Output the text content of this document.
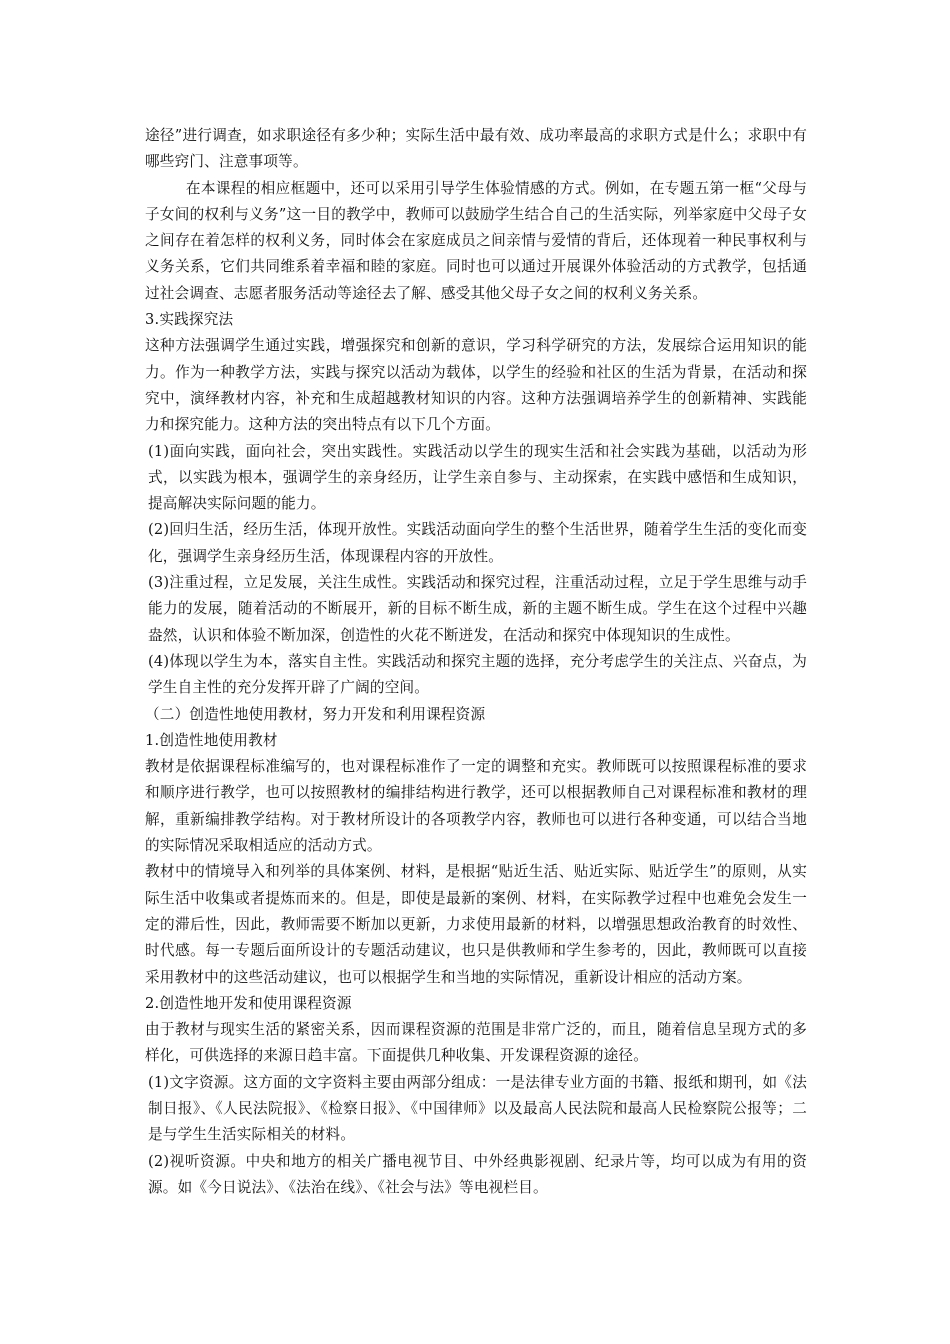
途径”进行调查，如求职途径有多少种；实际生活中最有效、成功率最高的求职方式是什么；求职中有哪些窍门、注意事项等。

在本课程的相应框题中，还可以采用引导学生体验情感的方式。例如，在专题五第一框“父母与子女间的权利与义务”这一目的教学中，教师可以鼓励学生结合自己的生活实际，列举家庭中父母子女之间存在着怎样的权利义务，同时体会在家庭成员之间亲情与爱情的背后，还体现着一种民事权利与义务关系，它们共同维系着幸福和睦的家庭。同时也可以通过开展课外体验活动的方式教学，包括通过社会调查、志愿者服务活动等途径去了解、感受其他父母子女之间的权利义务关系。

3.实践探究法

这种方法强调学生通过实践，增强探究和创新的意识，学习科学研究的方法，发展综合运用知识的能力。作为一种教学方法，实践与探究以活动为载体，以学生的经验和社区的生活为背景，在活动和探究中，演绎教材内容，补充和生成超越教材知识的内容。这种方法强调培养学生的创新精神、实践能力和探究能力。这种方法的突出特点有以下几个方面。

(1)面向实践，面向社会，突出实践性。实践活动以学生的现实生活和社会实践为基础，以活动为形式，以实践为根本，强调学生的亲身经历，让学生亲自参与、主动探索，在实践中感悟和生成知识，提高解决实际问题的能力。

(2)回归生活，经历生活，体现开放性。实践活动面向学生的整个生活世界，随着学生生活的变化而变化，强调学生亲身经历生活，体现课程内容的开放性。

(3)注重过程，立足发展，关注生成性。实践活动和探究过程，注重活动过程，立足于学生思维与动手能力的发展，随着活动的不断展开，新的目标不断生成，新的主题不断生成。学生在这个过程中兴趣盎然，认识和体验不断加深，创造性的火花不断迸发，在活动和探究中体现知识的生成性。

(4)体现以学生为本，落实自主性。实践活动和探究主题的选择，充分考虑学生的关注点、兴奋点，为学生自主性的充分发挥开辟了广阔的空间。

（二）创造性地使用教材，努力开发和利用课程资源

1.创造性地使用教材

教材是依据课程标准编写的，也对课程标准作了一定的调整和充实。教师既可以按照课程标准的要求和顺序进行教学，也可以按照教材的编排结构进行教学，还可以根据教师自己对课程标准和教材的理解，重新编排教学结构。对于教材所设计的各项教学内容，教师也可以进行各种变通，可以结合当地的实际情况采取相适应的活动方式。

教材中的情境导入和列举的具体案例、材料，是根据“贴近生活、贴近实际、贴近学生”的原则，从实际生活中收集或者提炼而来的。但是，即使是最新的案例、材料，在实际教学过程中也难免会发生一定的滞后性，因此，教师需要不断加以更新，力求使用最新的材料，以增强思想政治教育的时效性、时代感。每一专题后面所设计的专题活动建议，也只是供教师和学生参考的，因此，教师既可以直接采用教材中的这些活动建议，也可以根据学生和当地的实际情况，重新设计相应的活动方案。

2.创造性地开发和使用课程资源

由于教材与现实生活的紧密关系，因而课程资源的范围是非常广泛的，而且，随着信息呈现方式的多样化，可供选择的来源日趋丰富。下面提供几种收集、开发课程资源的途径。

(1)文字资源。这方面的文字资料主要由两部分组成：一是法律专业方面的书籍、报纸和期刊，如《法制日报》、《人民法院报》、《检察日报》、《中国律师》以及最高人民法院和最高人民检察院公报等；二是与学生生活实际相关的材料。

(2)视听资源。中央和地方的相关广播电视节目、中外经典影视剧、纪录片等，均可以成为有用的资源。如《今日说法》、《法治在线》、《社会与法》等电视栏目。
